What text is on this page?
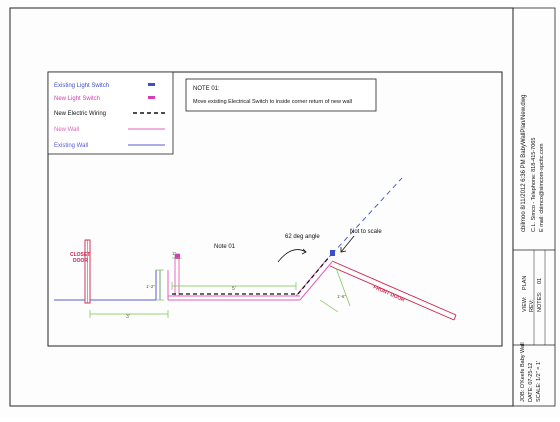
Existing Light Switch
New Light Switch
New Electric Wiring
New Wall
Existing Wall
NOTE 01:
Move existing Electrical Switch to inside corner return of new wall
CLOSET
DOOR
FRONT DOOR
3'
5'
1'-2"
1'-6"
1"
Note 01
62 deg angle
Not to scale	cbilmoo 8/11/2012 6:36 PM BabyWallPlan/New.dwg C.L. Simco - Telephone: 818-415-7065 E mail: cbimco@simcom-spcttc.com
VIEW:
PLAN
REV: NOTES:
01
JOB: O'Keefe Baby Wall DATE: 07-25-12 SCALE: 1/2" = 1'
